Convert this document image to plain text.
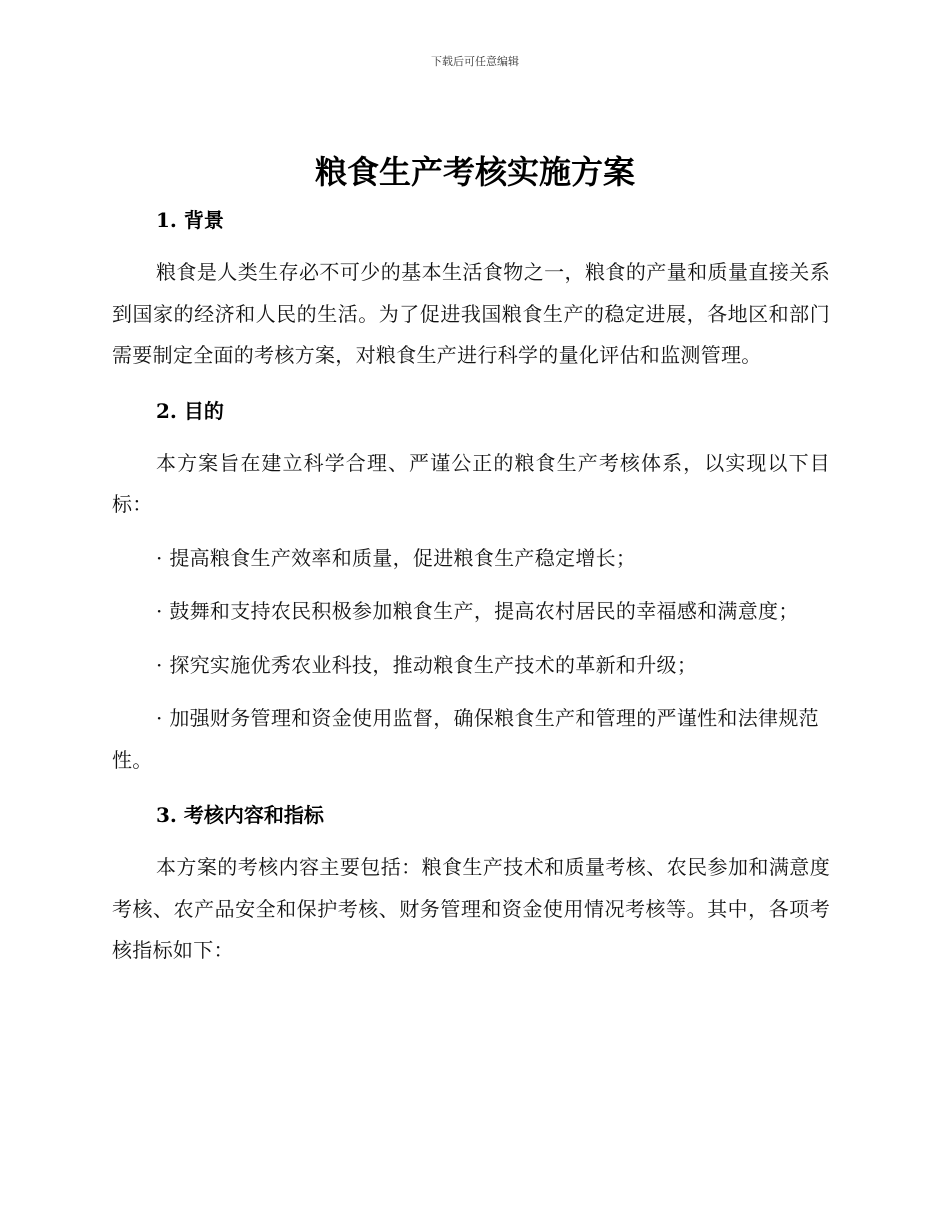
下载后可任意编辑
粮食生产考核实施方案
1. 背景

粮食是人类生存必不可少的基本生活食物之一，粮食的产量和质量直接关系到国家的经济和人民的生活。为了促进我国粮食生产的稳定进展，各地区和部门需要制定全面的考核方案，对粮食生产进行科学的量化评估和监测管理。

2. 目的

本方案旨在建立科学合理、严谨公正的粮食生产考核体系，以实现以下目标：

· 提高粮食生产效率和质量，促进粮食生产稳定增长；

· 鼓舞和支持农民积极参加粮食生产，提高农村居民的幸福感和满意度；

· 探究实施优秀农业科技，推动粮食生产技术的革新和升级；

· 加强财务管理和资金使用监督，确保粮食生产和管理的严谨性和法律规范性。

3. 考核内容和指标

本方案的考核内容主要包括：粮食生产技术和质量考核、农民参加和满意度考核、农产品安全和保护考核、财务管理和资金使用情况考核等。其中，各项考核指标如下：
